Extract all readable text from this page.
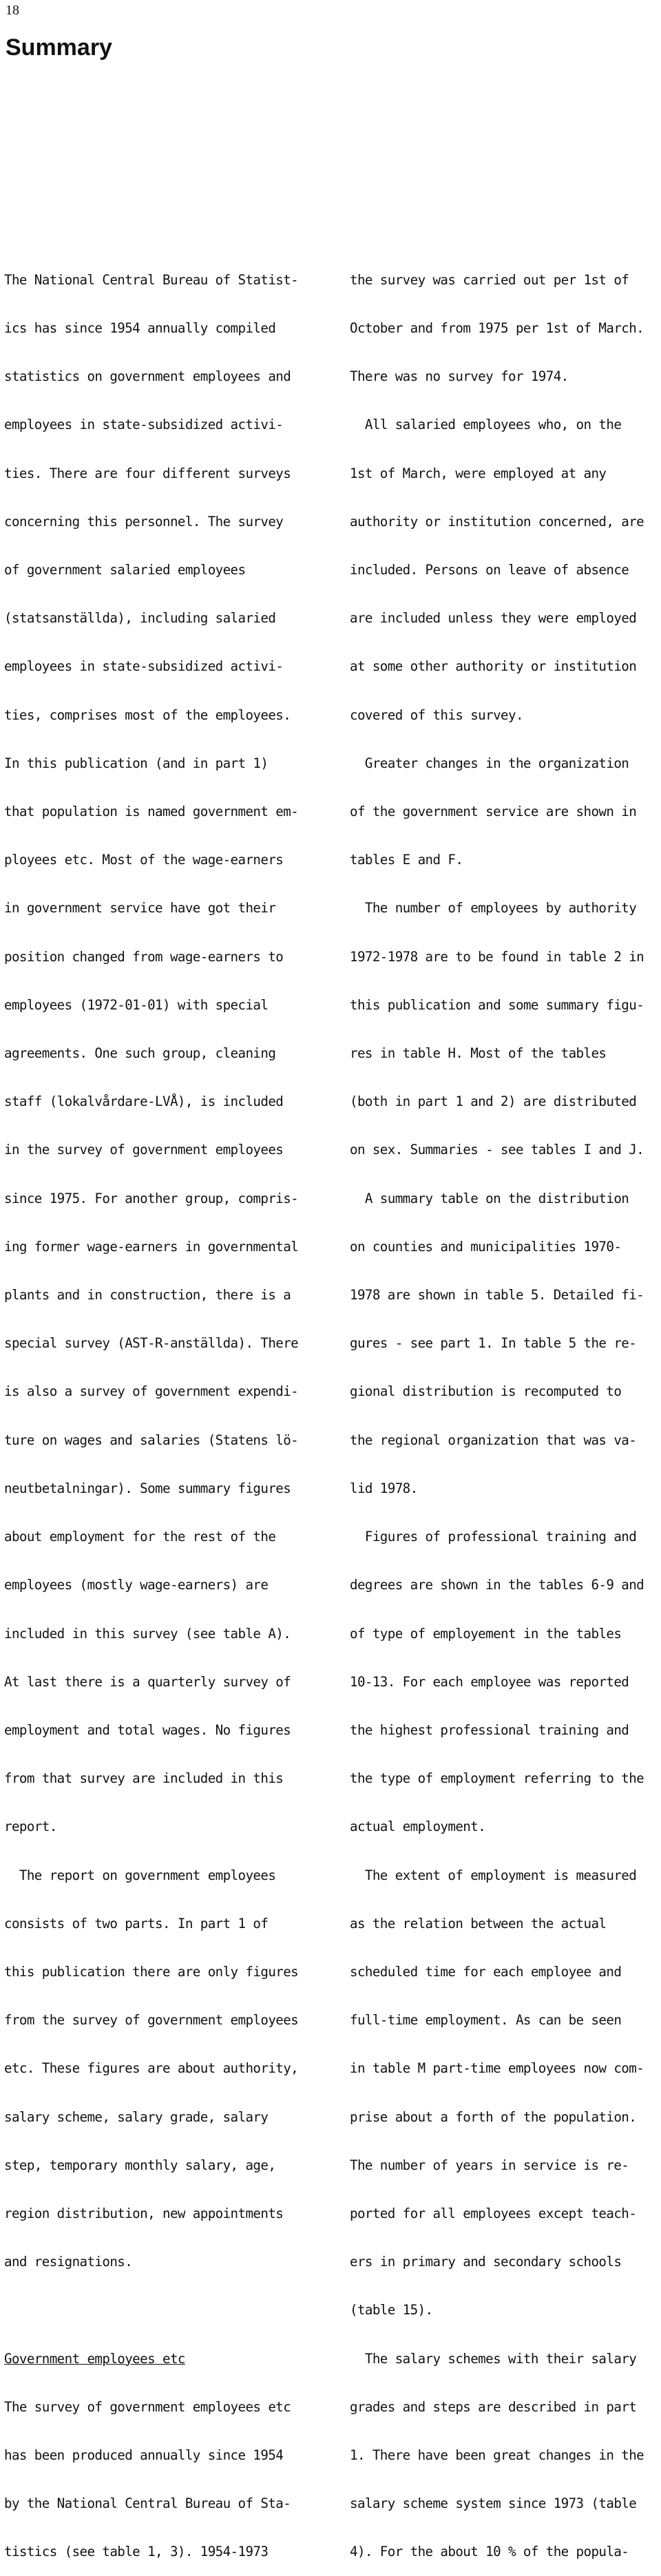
18
Summary

The National Central Bureau of Statist-

ics has since 1954 annually compiled

statistics on government employees and

employees in state-subsidized activi-

ties. There are four different surveys

concerning this personnel. The survey

of government salaried employees

(statsanställda), including salaried

employees in state-subsidized activi-

ties, comprises most of the employees.

In this publication (and in part 1)

that population is named government em-

ployees etc. Most of the wage-earners

in government service have got their

position changed from wage-earners to

employees (1972-01-01) with special

agreements. One such group, cleaning

staff (lokalvårdare-LVÅ), is included

in the survey of government employees

since 1975. For another group, compris-

ing former wage-earners in governmental

plants and in construction, there is a

special survey (AST-R-anställda). There

is also a survey of government expendi-

ture on wages and salaries (Statens lö-

neutbetalningar). Some summary figures

about employment for the rest of the

employees (mostly wage-earners) are

included in this survey (see table A).

At last there is a quarterly survey of

employment and total wages. No figures

from that survey are included in this

report.

The report on government employees

consists of two parts. In part 1 of

this publication there are only figures

from the survey of government employees

etc. These figures are about authority,

salary scheme, salary grade, salary

step, temporary monthly salary, age,

region distribution, new appointments

and resignations.

Government employees etc

The survey of government employees etc

has been produced annually since 1954

by the National Central Bureau of Sta-

tistics (see table 1, 3). 1954-1973

the survey was carried out per 1st of

October and from 1975 per 1st of March.

There was no survey for 1974.

All salaried employees who, on the

1st of March, were employed at any

authority or institution concerned, are

included. Persons on leave of absence

are included unless they were employed

at some other authority or institution

covered of this survey.

Greater changes in the organization

of the government service are shown in

tables E and F.

The number of employees by authority

1972-1978 are to be found in table 2 in

this publication and some summary figu-

res in table H. Most of the tables

(both in part 1 and 2) are distributed

on sex. Summaries - see tables I and J.

A summary table on the distribution

on counties and municipalities 1970-

1978 are shown in table 5. Detailed fi-

gures - see part 1. In table 5 the re-

gional distribution is recomputed to

the regional organization that was va-

lid 1978.

Figures of professional training and

degrees are shown in the tables 6-9 and

of type of employement in the tables

10-13. For each employee was reported

the highest professional training and

the type of employment referring to the

actual employment.

The extent of employment is measured

as the relation between the actual

scheduled time for each employee and

full-time employment. As can be seen

in table M part-time employees now com-

prise about a forth of the population.

The number of years in service is re-

ported for all employees except teach-

ers in primary and secondary schools

(table 15).

The salary schemes with their salary

grades and steps are described in part

1. There have been great changes in the

salary scheme system since 1973 (table

4). For the about 10 % of the popula-
